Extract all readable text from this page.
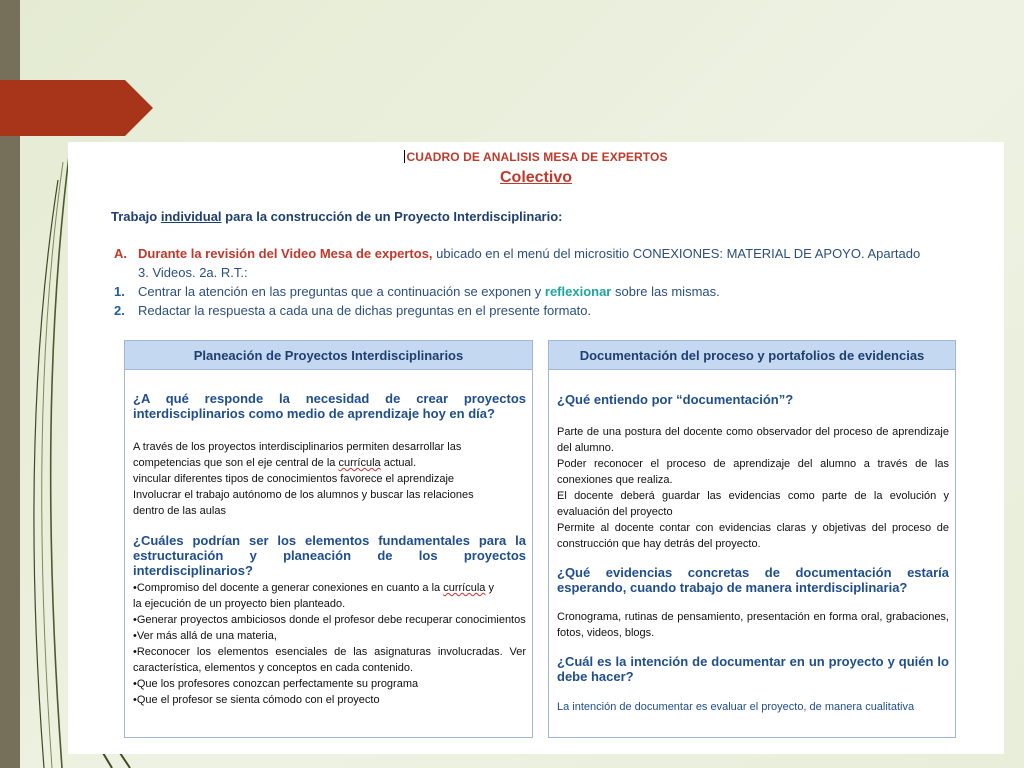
CUADRO DE ANALISIS MESA DE EXPERTOS
Colectivo
Trabajo individual para la construcción de un Proyecto Interdisciplinario:
A. Durante la revisión del Video Mesa de expertos, ubicado en el menú del micrositio CONEXIONES: MATERIAL DE APOYO. Apartado
3. Videos. 2a. R.T.:
1. Centrar la atención en las preguntas que a continuación se exponen y reflexionar sobre las mismas.
2. Redactar la respuesta a cada una de dichas preguntas en el presente formato.
Planeación de Proyectos Interdisciplinarios
¿A qué responde la necesidad de crear proyectos interdisciplinarios como medio de aprendizaje hoy en día?
A través de los proyectos interdisciplinarios permiten desarrollar las
competencias que son el eje central de la currícula actual.
vincular diferentes tipos de conocimientos favorece el aprendizaje
Involucrar el trabajo autónomo de los alumnos y buscar las relaciones
dentro de las aulas
¿Cuáles podrían ser los elementos fundamentales para la estructuración y planeación de los proyectos interdisciplinarios?
•Compromiso del docente a generar conexiones en cuanto a la currícula y
la ejecución de un proyecto bien planteado.
•Generar proyectos ambiciosos donde el profesor debe recuperar conocimientos
•Ver más allá de una materia,
•Reconocer los elementos esenciales de las asignaturas involucradas. Ver característica, elementos y conceptos en cada contenido.
•Que los profesores conozcan perfectamente su programa
•Que el profesor se sienta cómodo con el proyecto
Documentación del proceso y portafolios de evidencias
¿Qué entiendo por “documentación”?
Parte de una postura del docente como observador del proceso de aprendizaje del alumno.
Poder reconocer el proceso de aprendizaje del alumno a través de las conexiones que realiza.
El docente deberá guardar las evidencias como parte de la evolución y evaluación del proyecto
Permite al docente contar con evidencias claras y objetivas del proceso de construcción que hay detrás del proyecto.
¿Qué evidencias concretas de documentación estaría esperando, cuando trabajo de manera interdisciplinaria?
Cronograma, rutinas de pensamiento, presentación en forma oral, grabaciones, fotos, videos, blogs.
¿Cuál es la intención de documentar en un proyecto y quién lo debe hacer?
La intención de documentar es evaluar el proyecto, de manera cualitativa
